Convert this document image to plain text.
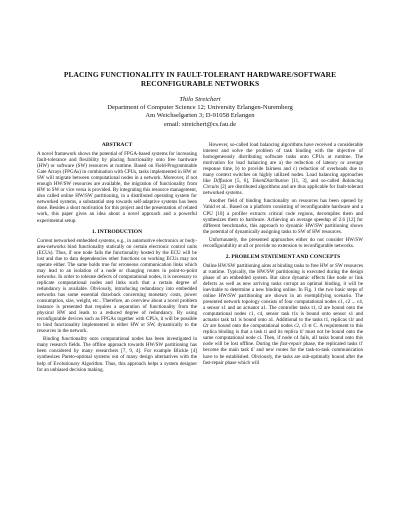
PLACING FUNCTIONALITY IN FAULT-TOLERANT HARDWARE/SOFTWARE
RECONFIGURABLE NETWORKS
Thilo Streichert
Department of Computer Science 12; University Erlangen-Nuremberg
Am Weichselgarten 3; D-91058 Erlangen
email: streichert@cs.fau.de
ABSTRACT

A novel framework shows the potential of FPGA-based systems for increasing fault-tolerance and flexibility by placing functionality onto free hardware (HW) or software (SW) resources at runtime. Based on Field-Programmable Gate Arrays (FPGAs) in combination with CPUs, tasks implemented in HW or SW will migrate between computational nodes in a network. Moreover, if not enough HW/SW resources are available, the migration of functionality from HW to SW or vice versa is provided. By integrating this resource management, also called online HW/SW partitioning, in a distributed operating system for networked systems, a substantial step towards self-adaptive systems has been done. Besides a short motivation for this project and the presentation of related work, this paper gives an idea about a novel approach and a powerful experimental setup.

1. INTRODUCTION

Current networked embedded systems, e.g., in automotive electronics or body-area-networks bind functionality statically on certain electronic control units (ECUs). Thus, if one node fails the functionality hosted by the ECU will be lost and due to data dependencies other functions on working ECUs may not operate either. The same holds true for erroneous communication links which may lead to an isolation of a node or changing routes in point-to-point networks. In order to tolerate defects of computational nodes, it is necessary to replicate computational nodes and links such that a certain degree of redundancy is available. Obviously, introducing redundancy into embedded networks has some essential drawback concerning monetary costs, power consumption, size, weight, etc.. Therefore, an overview about a novel problem instance is presented that requires a separation of functionality from the physical HW and leads to a reduced degree of redundancy. By using reconfigurable devices such as FPGAs together with CPUs, it will be possible to bind functionality implemented in either HW or SW, dynamically to the resources in the network.

Binding functionality onto computational nodes has been investigated in many research fields. The offline approach towards HW/SW partitioning has been considered by many researchers [7, 9, 4]. For example Blickle [4] synthesizes Pareto-optimal systems out of many design alternatives with the help of Evolutionary Algorithm. Thus, this approach helps a system designer for an unbiased decision making.

However, so-called load balancing algorithms have received a considerable interest and solve the problem of task binding with the objective of homogeneously distributing software tasks onto CPUs at runtime. The motivation for load balancing are a) the reduction of latency or average response time, b) to provide fairness and c) reduction of overheads due to many context switches on highly utilized nodes. Load balancing approaches like Diffusion [5, 6], TokenDistribution [11, 3], and so-called Balancing Circuits [2] are distributed algorithms and are thus applicable for fault-tolerant networked systems.

Another field of binding functionality on resources has been opened by Vahid et al.. Based on a platform consisting of reconfigurable hardware and a CPU [10] a profiler extracts critical code regions, decompiles them and synthesizes them to hardware. Achieving an average speedup of 2.6 [12] for different benchmarks, this approach to dynamic HW/SW partitioning shows the potential of dynamically assigning tasks to SW of HW resources.

Unfortunately, the presented approaches either do not consider HW/SW reconfigurability at all or provide no extension to reconfigurable networks.

2. PROBLEM STATEMENT AND CONCEPTS

Online HW/SW partitioning aims at binding tasks to free HW or SW resources at runtime. Typically, the HW/SW partitioning is executed during the design phase of an embedded system. But since dynamic effects like node or link defects as well as new arriving tasks corrupt an optimal binding, it will be inevitable to determine a new binding online. In Fig. 1 the two basic steps of online HW/SW partitioning are shown in an exemplifying scenario. The presented network topology consists of four computational nodes c1, c2 ... c4, a sensor s1 and an actuator a1. The controller tasks t1, t2 are bound onto the computational nodes c1, c4, sensor task t1s is bound onto sensor s1 and actuator task ta1 is bound onto a1. Additional to the tasks t1, replicas t1r and t2r are bound onto the computational nodes c2, c3 ∈ C. A requirement to this replica binding is that a task ti and its replica ti' must not be bound onto the same computational node ci. Then, if node c4 fails, all tasks bound onto this node will be lost offline. During the fast-repair phase, the replicated tasks ti' become the main task ti' and new routes for the task-to-task communication have to be established. Obviously, the tasks are sub-optimally bound after the fast-repair phase which will
